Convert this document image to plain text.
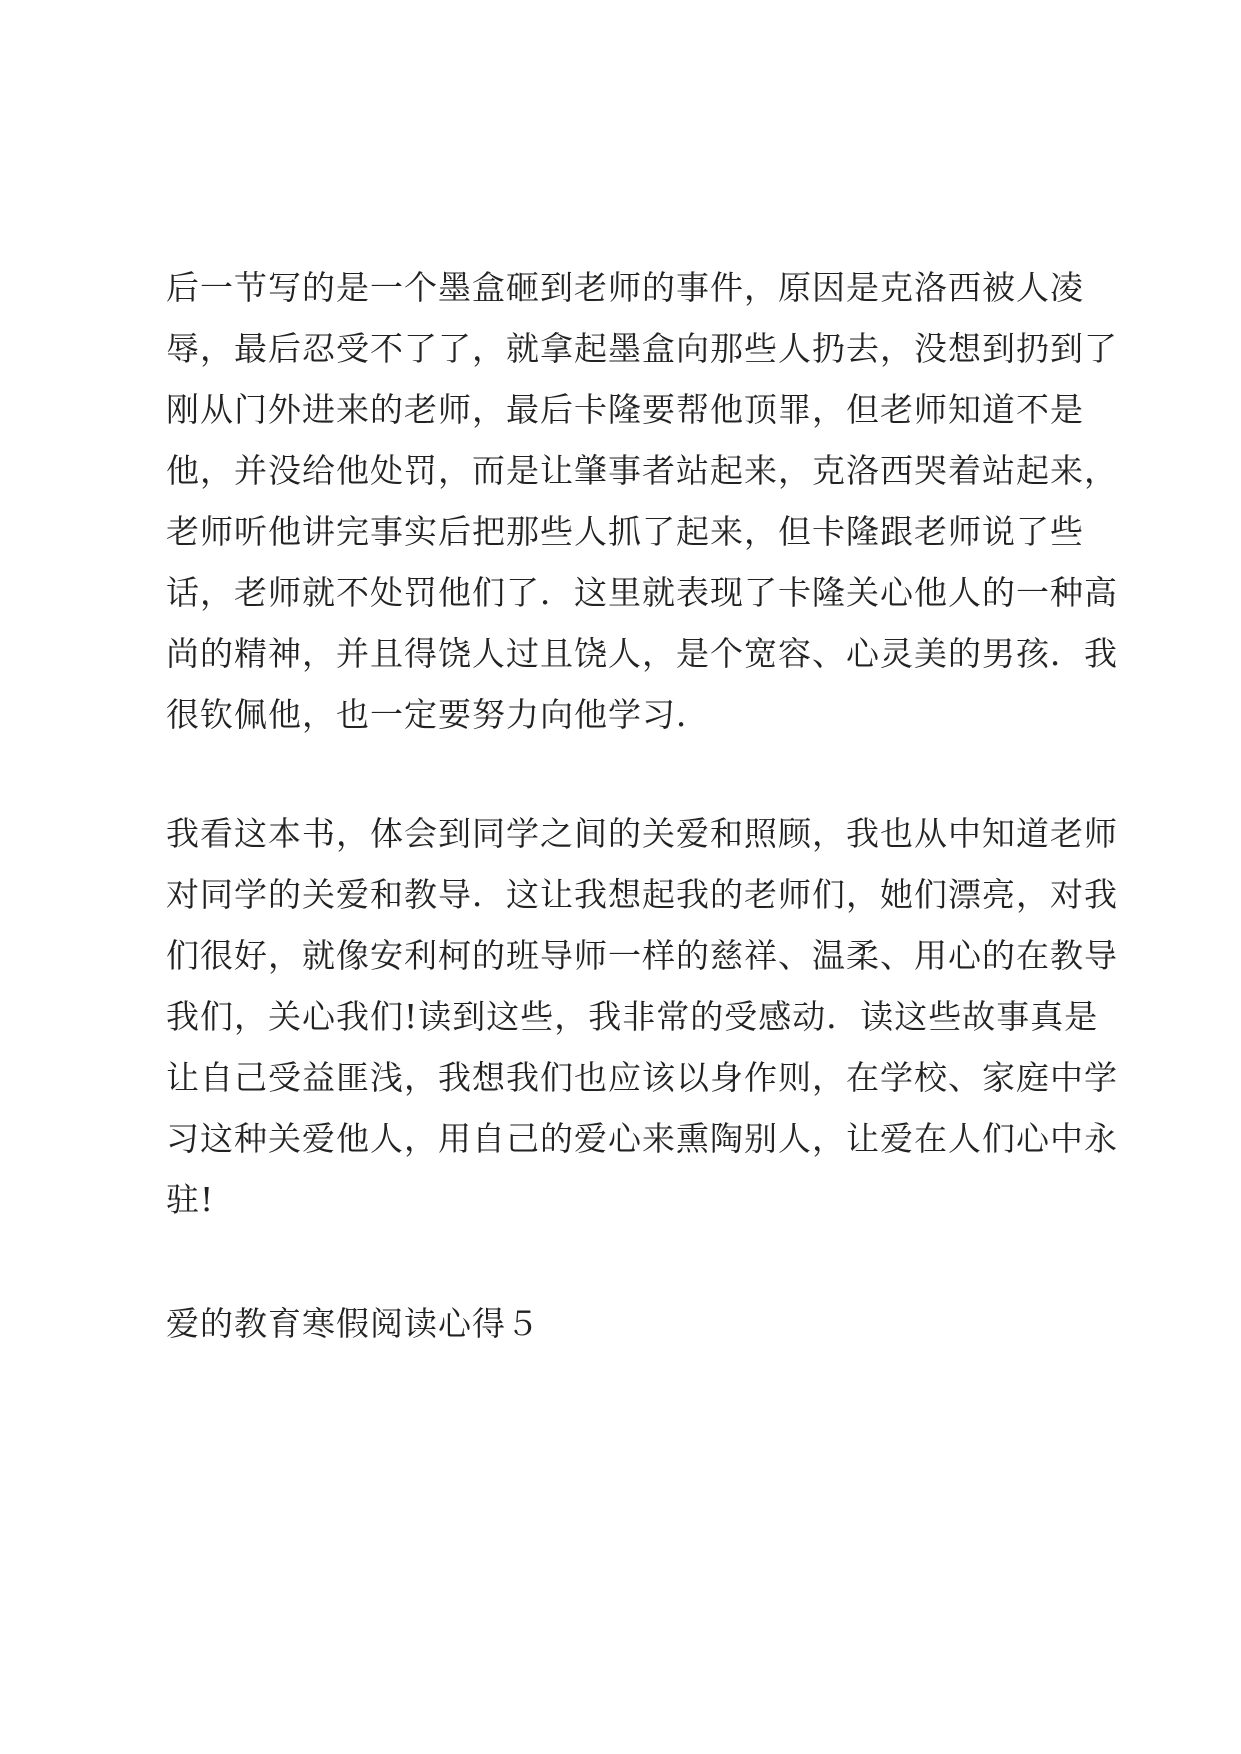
后一节写的是一个墨盒砸到老师的事件，原因是克洛西被人凌
辱，最后忍受不了了，就拿起墨盒向那些人扔去，没想到扔到了
刚从门外进来的老师，最后卡隆要帮他顶罪，但老师知道不是
他，并没给他处罚，而是让肇事者站起来，克洛西哭着站起来，
老师听他讲完事实后把那些人抓了起来，但卡隆跟老师说了些
话，老师就不处罚他们了．这里就表现了卡隆关心他人的一种高
尚的精神，并且得饶人过且饶人，是个宽容、心灵美的男孩．我
很钦佩他，也一定要努力向他学习．

我看这本书，体会到同学之间的关爱和照顾，我也从中知道老师
对同学的关爱和教导．这让我想起我的老师们，她们漂亮，对我
们很好，就像安利柯的班导师一样的慈祥、温柔、用心的在教导
我们，关心我们!读到这些，我非常的受感动．读这些故事真是
让自己受益匪浅，我想我们也应该以身作则，在学校、家庭中学
习这种关爱他人，用自己的爱心来熏陶别人，让爱在人们心中永
驻!

爱的教育寒假阅读心得５
